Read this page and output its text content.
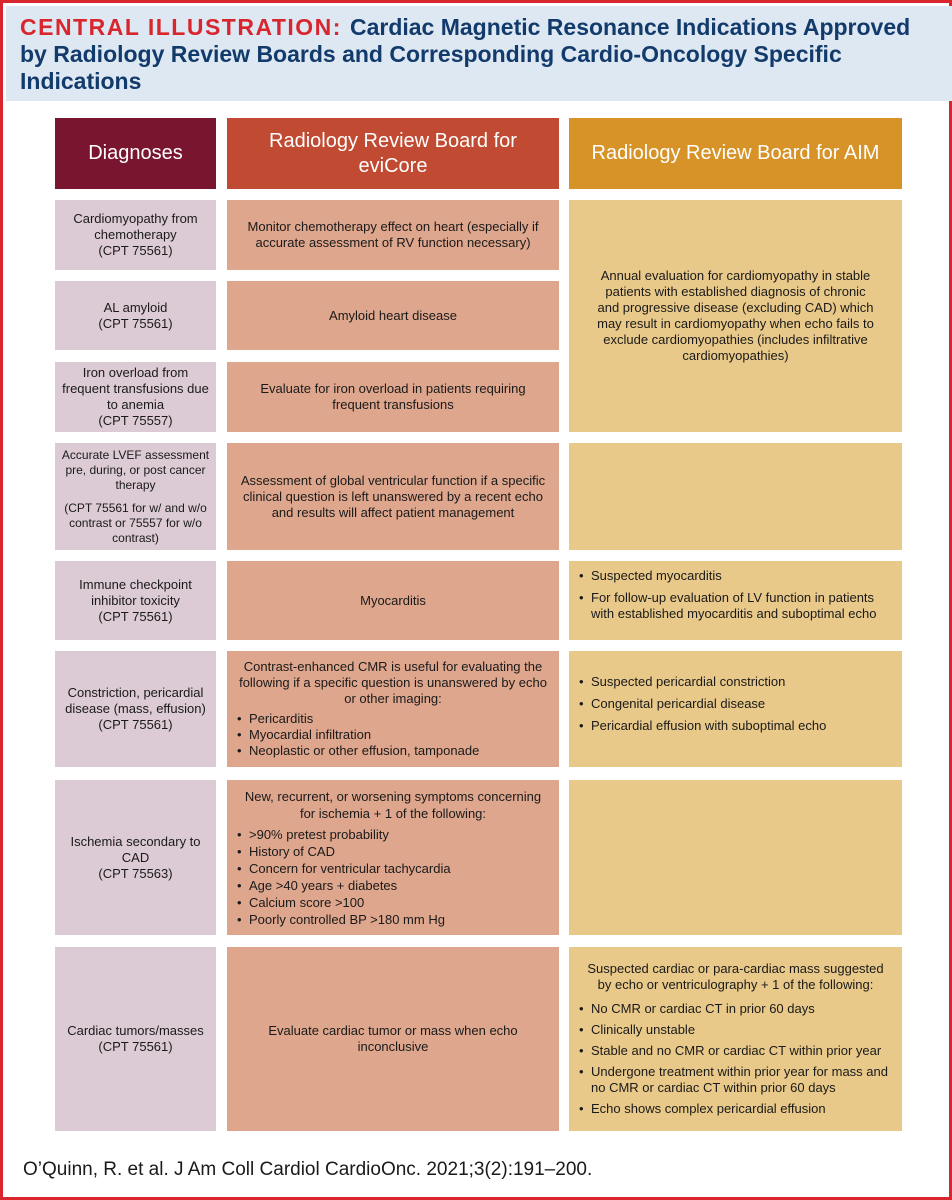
CENTRAL ILLUSTRATION: Cardiac Magnetic Resonance Indications Approved by Radiology Review Boards and Corresponding Cardio-Oncology Specific Indications
Diagnoses
Radiology Review Board for eviCore
Radiology Review Board for AIM
Cardiomyopathy from chemotherapy
(CPT 75561)
Monitor chemotherapy effect on heart (especially if accurate assessment of RV function necessary)
AL amyloid
(CPT 75561)
Amyloid heart disease
Iron overload from frequent transfusions due to anemia
(CPT 75557)
Evaluate for iron overload in patients requiring frequent transfusions
Annual evaluation for cardiomyopathy in stable patients with established diagnosis of chronic and progressive disease (excluding CAD) which may result in cardiomyopathy when echo fails to exclude cardiomyopathies (includes infiltrative cardiomyopathies)
Accurate LVEF assessment pre, during, or post cancer therapy
(CPT 75561 for w/ and w/o contrast or 75557 for w/o contrast)
Assessment of global ventricular function if a specific clinical question is left unanswered by a recent echo and results will affect patient management
Immune checkpoint inhibitor toxicity
(CPT 75561)
Myocarditis
• Suspected myocarditis
• For follow-up evaluation of LV function in patients with established myocarditis and suboptimal echo
Constriction, pericardial disease (mass, effusion)
(CPT 75561)
Contrast-enhanced CMR is useful for evaluating the following if a specific question is unanswered by echo or other imaging:
• Pericarditis
• Myocardial infiltration
• Neoplastic or other effusion, tamponade
• Suspected pericardial constriction
• Congenital pericardial disease
• Pericardial effusion with suboptimal echo
Ischemia secondary to CAD
(CPT 75563)
New, recurrent, or worsening symptoms concerning for ischemia + 1 of the following:
• >90% pretest probability
• History of CAD
• Concern for ventricular tachycardia
• Age >40 years + diabetes
• Calcium score >100
• Poorly controlled BP >180 mm Hg
Cardiac tumors/masses
(CPT 75561)
Evaluate cardiac tumor or mass when echo inconclusive
Suspected cardiac or para-cardiac mass suggested by echo or ventriculography + 1 of the following:
• No CMR or cardiac CT in prior 60 days
• Clinically unstable
• Stable and no CMR or cardiac CT within prior year
• Undergone treatment within prior year for mass and no CMR or cardiac CT within prior 60 days
• Echo shows complex pericardial effusion
O’Quinn, R. et al. J Am Coll Cardiol CardioOnc. 2021;3(2):191–200.
